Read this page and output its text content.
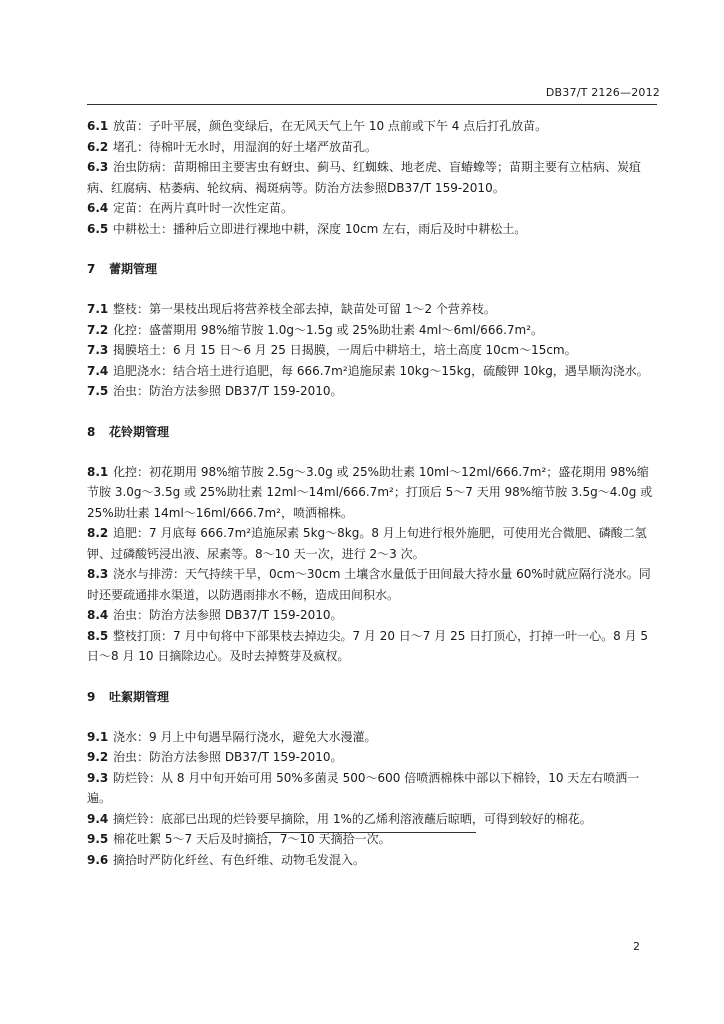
DB37/T 2126—2012

6.1 放苗：子叶平展，颜色变绿后，在无风天气上午 10 点前或下午 4 点后打孔放苗。

6.2 堵孔：待棉叶无水时，用湿润的好土堵严放苗孔。

6.3 治虫防病：苗期棉田主要害虫有蚜虫、蓟马、红蜘蛛、地老虎、盲蝽蟓等；苗期主要有立枯病、炭疽病、红腐病、枯萎病、轮纹病、褐斑病等。防治方法参照DB37/T 159-2010。

6.4 定苗：在两片真叶时一次性定苗。

6.5 中耕松土：播种后立即进行裸地中耕，深度 10cm 左右，雨后及时中耕松土。

7 蕾期管理

7.1 整枝：第一果枝出现后将营养枝全部去掉，缺苗处可留 1～2 个营养枝。

7.2 化控：盛蕾期用 98%缩节胺 1.0g～1.5g 或 25%助壮素 4ml～6ml/666.7m²。

7.3 揭膜培土：6 月 15 日～6 月 25 日揭膜，一周后中耕培土，培土高度 10cm～15cm。

7.4 追肥浇水：结合培土进行追肥，每 666.7m²追施尿素 10kg～15kg，硫酸钾 10kg，遇旱顺沟浇水。

7.5 治虫：防治方法参照 DB37/T 159-2010。

8 花铃期管理

8.1 化控：初花期用 98%缩节胺 2.5g～3.0g 或 25%助壮素 10ml～12ml/666.7m²；盛花期用 98%缩节胺 3.0g～3.5g 或 25%助壮素 12ml～14ml/666.7m²；打顶后 5～7 天用 98%缩节胺 3.5g～4.0g 或 25%助壮素 14ml～16ml/666.7m²，喷洒棉株。

8.2 追肥：7 月底每 666.7m²追施尿素 5kg～8kg。8 月上旬进行根外施肥，可使用光合微肥、磷酸二氢钾、过磷酸钙浸出液、尿素等。8～10 天一次，进行 2～3 次。

8.3 浇水与排涝：天气持续干旱，0cm～30cm 土壤含水量低于田间最大持水量 60%时就应隔行浇水。同时还要疏通排水渠道，以防遇雨排水不畅，造成田间积水。

8.4 治虫：防治方法参照 DB37/T 159-2010。

8.5 整枝打顶：7 月中旬将中下部果枝去掉边尖。7 月 20 日～7 月 25 日打顶心，打掉一叶一心。8 月 5 日～8 月 10 日摘除边心。及时去掉赘芽及疯杈。

9 吐絮期管理

9.1 浇水：9 月上中旬遇旱隔行浇水，避免大水漫灌。

9.2 治虫：防治方法参照 DB37/T 159-2010。

9.3 防烂铃：从 8 月中旬开始可用 50%多菌灵 500～600 倍喷洒棉株中部以下棉铃，10 天左右喷洒一遍。

9.4 摘烂铃：底部已出现的烂铃要早摘除，用 1%的乙烯利溶液蘸后晾晒，可得到较好的棉花。

9.5 棉花吐絮 5～7 天后及时摘拾，7～10 天摘拾一次。

9.6 摘拾时严防化纤丝、有色纤维、动物毛发混入。

2
